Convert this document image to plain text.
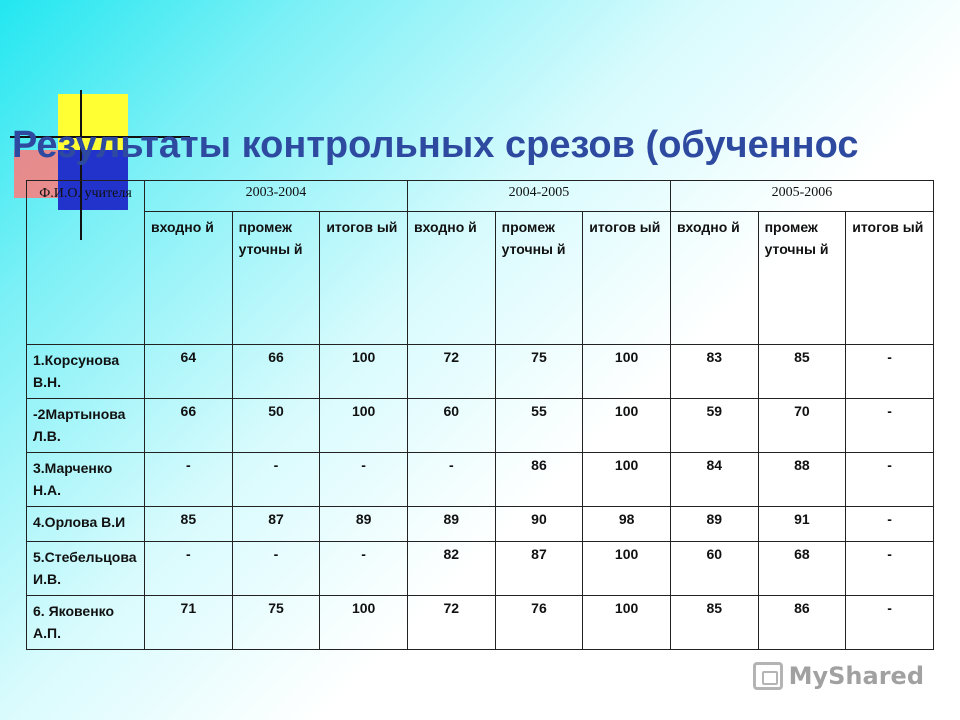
Результаты контрольных срезов (обученнос
Ф.И.О. учителя	2003-2004			2004-2005			2005-2006		
	входно й	промеж уточны й	итогов ый	входно й	промеж уточны й	итогов ый	входно й	промеж уточны й	итогов ый
1.Корсунова В.Н.	64	66	100	72	75	100	83	85	-
-2Мартынова Л.В.	66	50	100	60	55	100	59	70	-
3.Марченко Н.А.	-	-	-	-	86	100	84	88	-
4.Орлова В.И	85	87	89	89	90	98	89	91	-
5.Стебельцова И.В.	-	-	-	82	87	100	60	68	-
6. Яковенко А.П.	71	75	100	72	76	100	85	86	-
MyShared
